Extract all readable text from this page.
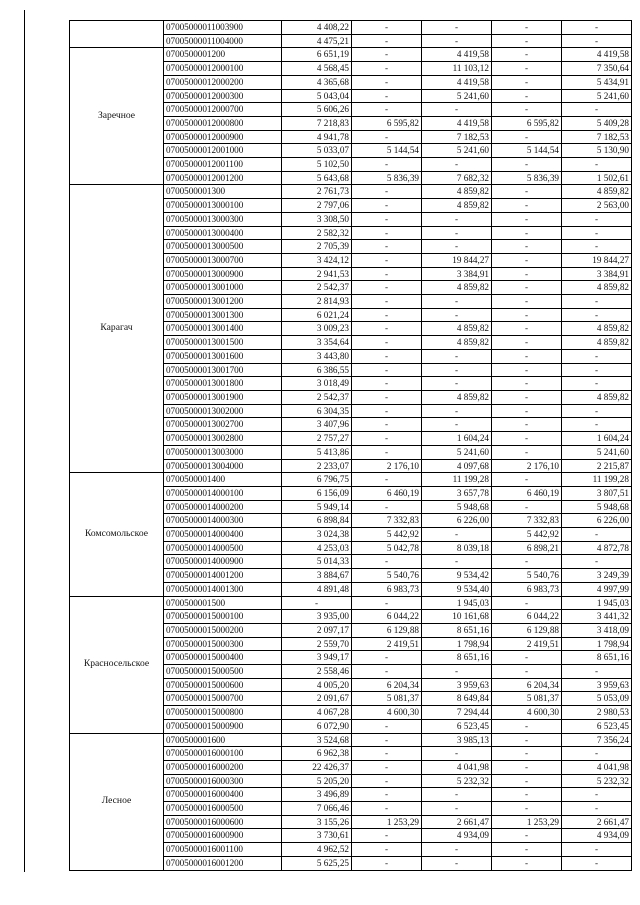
	07005000011003900	4 408,22	-	-	-	-
	07005000011004000	4 475,21	-	-	-	-
Заречное	0700500001200	6 651,19	-	4 419,58	-	4 419,58
	07005000012000100	4 568,45	-	11 103,12	-	7 350,64
	07005000012000200	4 365,68	-	4 419,58	-	5 434,91
	07005000012000300	5 043,04	-	5 241,60	-	5 241,60
	07005000012000700	5 606,26	-	-	-	-
	07005000012000800	7 218,83	6 595,82	4 419,58	6 595,82	5 409,28
	07005000012000900	4 941,78	-	7 182,53	-	7 182,53
	07005000012001000	5 033,07	5 144,54	5 241,60	5 144,54	5 130,90
	07005000012001100	5 102,50	-	-	-	-
	07005000012001200	5 643,68	5 836,39	7 682,32	5 836,39	1 502,61
Карагач	0700500001300	2 761,73	-	4 859,82	-	4 859,82
	07005000013000100	2 797,06	-	4 859,82	-	2 563,00
	07005000013000300	3 308,50	-	-	-	-
	07005000013000400	2 582,32	-	-	-	-
	07005000013000500	2 705,39	-	-	-	-
	07005000013000700	3 424,12	-	19 844,27	-	19 844,27
	07005000013000900	2 941,53	-	3 384,91	-	3 384,91
	07005000013001000	2 542,37	-	4 859,82	-	4 859,82
	07005000013001200	2 814,93	-	-	-	-
	07005000013001300	6 021,24	-	-	-	-
	07005000013001400	3 009,23	-	4 859,82	-	4 859,82
	07005000013001500	3 354,64	-	4 859,82	-	4 859,82
	07005000013001600	3 443,80	-	-	-	-
	07005000013001700	6 386,55	-	-	-	-
	07005000013001800	3 018,49	-	-	-	-
	07005000013001900	2 542,37	-	4 859,82	-	4 859,82
	07005000013002000	6 304,35	-	-	-	-
	07005000013002700	3 407,96	-	-	-	-
	07005000013002800	2 757,27	-	1 604,24	-	1 604,24
	07005000013003000	5 413,86	-	5 241,60	-	5 241,60
	07005000013004000	2 233,07	2 176,10	4 097,68	2 176,10	2 215,87
Комсомольское	0700500001400	6 796,75	-	11 199,28	-	11 199,28
	07005000014000100	6 156,09	6 460,19	3 657,78	6 460,19	3 807,51
	07005000014000200	5 949,14	-	5 948,68	-	5 948,68
	07005000014000300	6 898,84	7 332,83	6 226,00	7 332,83	6 226,00
	07005000014000400	3 024,38	5 442,92	-	5 442,92	-
	07005000014000500	4 253,03	5 042,78	8 039,18	6 898,21	4 872,78
	07005000014000900	5 014,33	-	-	-	-
	07005000014001200	3 884,67	5 540,76	9 534,42	5 540,76	3 249,39
	07005000014001300	4 891,48	6 983,73	9 534,40	6 983,73	4 997,99
Красносельское	0700500001500	-	-	1 945,03	-	1 945,03
	07005000015000100	3 935,00	6 044,22	10 161,68	6 044,22	3 441,32
	07005000015000200	2 097,17	6 129,88	8 651,16	6 129,88	3 418,09
	07005000015000300	2 559,70	2 419,51	1 798,94	2 419,51	1 798,94
	07005000015000400	3 949,17	-	8 651,16	-	8 651,16
	07005000015000500	2 558,46	-	-	-	-
	07005000015000600	4 005,20	6 204,34	3 959,63	6 204,34	3 959,63
	07005000015000700	2 091,67	5 081,37	8 649,84	5 081,37	5 053,09
	07005000015000800	4 067,28	4 600,30	7 294,44	4 600,30	2 980,53
	07005000015000900	6 072,90	-	6 523,45	-	6 523,45
Лесное	0700500001600	3 524,68	-	3 985,13	-	7 356,24
	07005000016000100	6 962,38	-	-	-	-
	07005000016000200	22 426,37	-	4 041,98	-	4 041,98
	07005000016000300	5 205,20	-	5 232,32	-	5 232,32
	07005000016000400	3 496,89	-	-	-	-
	07005000016000500	7 066,46	-	-	-	-
	07005000016000600	3 155,26	1 253,29	2 661,47	1 253,29	2 661,47
	07005000016000900	3 730,61	-	4 934,09	-	4 934,09
	07005000016001100	4 962,52	-	-	-	-
	07005000016001200	5 625,25	-	-	-	-
